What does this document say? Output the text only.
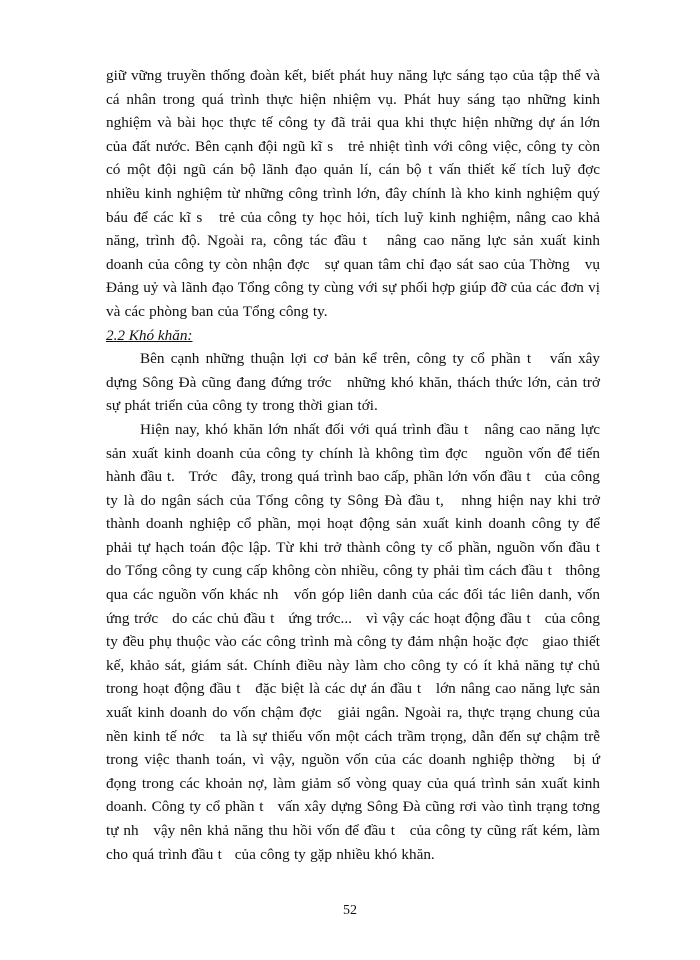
giữ vững truyền thống đoàn kết, biết phát huy năng lực sáng tạo của tập thể và cá nhân trong quá trình thực hiện nhiệm vụ. Phát huy sáng tạo những kinh nghiệm và bài học thực tế công ty đã trải qua khi thực hiện những dự án lớn của đất nước. Bên cạnh đội ngũ kĩ s   trẻ nhiệt tình với công việc, công ty còn có một đội ngũ cán bộ lãnh đạo quản lí, cán bộ t vấn thiết kế tích luỹ đợc   nhiều kinh nghiệm từ những công trình lớn, đây chính là kho kinh nghiệm quý báu để các kĩ s   trẻ của công ty học hỏi, tích luỹ kinh nghiệm, nâng cao khả năng, trình độ. Ngoài ra, công tác đầu t   nâng cao năng lực sản xuất kinh doanh của công ty còn nhận đợc   sự quan tâm chỉ đạo sát sao của Thờng   vụ Đảng uỷ và lãnh đạo Tổng công ty cùng với sự phối hợp giúp đỡ của các đơn vị và các phòng ban của Tổng công ty.

2.2 Khó khăn:

Bên cạnh những thuận lợi cơ bản kể trên, công ty cổ phần t   vấn xây dựng Sông Đà cũng đang đứng trớc   những khó khăn, thách thức lớn, cản trở sự phát triển của công ty trong thời gian tới.

Hiện nay, khó khăn lớn nhất đối với quá trình đầu t   nâng cao năng lực sản xuất kinh doanh của công ty chính là không tìm đợc   nguồn vốn để tiến hành đầu t.   Trớc   đây, trong quá trình bao cấp, phần lớn vốn đầu t   của công ty là do ngân sách của Tổng công ty Sông Đà đầu t,   nhng hiện nay khi trở thành doanh nghiệp cổ phần, mọi hoạt động sản xuất kinh doanh công ty để phải tự hạch toán độc lập. Từ khi trở thành công ty cổ phần, nguồn vốn đầu t   do Tổng công ty cung cấp không còn nhiều, công ty phải tìm cách đầu t   thông qua các nguồn vốn khác nh   vốn góp liên danh của các đối tác liên danh, vốn ứng trớc   do các chủ đầu t   ứng trớc...   vì vậy các hoạt động đầu t   của công ty đều phụ thuộc vào các công trình mà công ty đảm nhận hoặc đợc   giao thiết kế, khảo sát, giám sát. Chính điều này làm cho công ty có ít khả năng tự chủ trong hoạt động đầu t   đặc biệt là các dự án đầu t   lớn nâng cao năng lực sản xuất kinh doanh do vốn chậm đợc   giải ngân. Ngoài ra, thực trạng chung của nền kinh tế nớc   ta là sự thiếu vốn một cách trầm trọng, dẫn đến sự chậm trễ trong việc thanh toán, vì vậy, nguồn vốn của các doanh nghiệp thờng   bị ứ đọng trong các khoản nợ, làm giảm số vòng quay của quá trình sản xuất kinh doanh. Công ty cổ phần t   vấn xây dựng Sông Đà cũng rơi vào tình trạng tơng   tự nh   vậy nên khả năng thu hồi vốn để đầu t   của công ty cũng rất kém, làm cho quá trình đầu t   của công ty gặp nhiều khó khăn.

52
